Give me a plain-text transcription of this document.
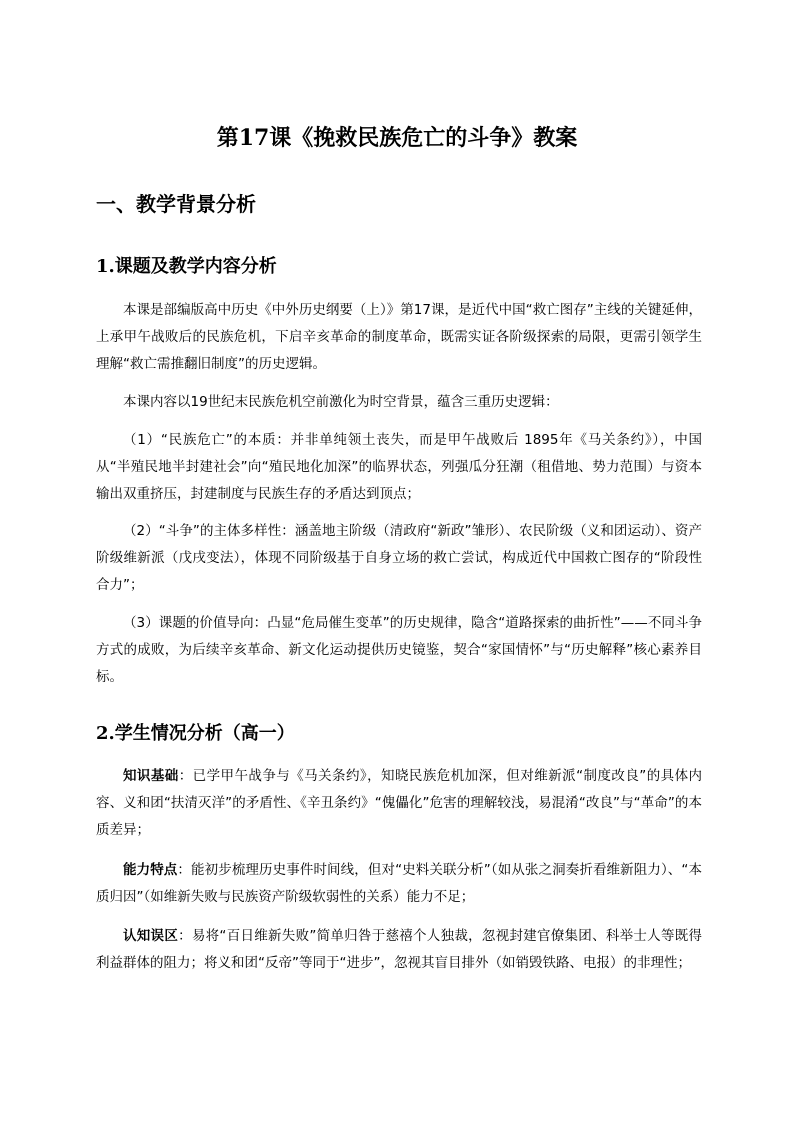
第17课《挽救民族危亡的斗争》教案
一、教学背景分析
1.课题及教学内容分析

本课是部编版高中历史《中外历史纲要（上）》第17课，是近代中国“救亡图存”主线的关键延伸，上承甲午战败后的民族危机，下启辛亥革命的制度革命，既需实证各阶级探索的局限，更需引领学生理解“救亡需推翻旧制度”的历史逻辑。

本课内容以19世纪末民族危机空前激化为时空背景，蕴含三重历史逻辑：

（1）“民族危亡”的本质：并非单纯领土丧失，而是甲午战败后 1895年《马关条约》），中国从“半殖民地半封建社会”向“殖民地化加深”的临界状态，列强瓜分狂潮（租借地、势力范围）与资本输出双重挤压，封建制度与民族生存的矛盾达到顶点；

（2）“斗争”的主体多样性：涵盖地主阶级（清政府“新政”雏形）、农民阶级（义和团运动）、资产阶级维新派（戊戌变法），体现不同阶级基于自身立场的救亡尝试，构成近代中国救亡图存的“阶段性合力”；

（3）课题的价值导向：凸显“危局催生变革”的历史规律，隐含“道路探索的曲折性”——不同斗争方式的成败，为后续辛亥革命、新文化运动提供历史镜鉴，契合“家国情怀”与“历史解释”核心素养目标。

2.学生情况分析（高一）

知识基础：已学甲午战争与《马关条约》，知晓民族危机加深，但对维新派“制度改良”的具体内容、义和团“扶清灭洋”的矛盾性、《辛丑条约》“傀儡化”危害的理解较浅，易混淆“改良”与“革命”的本质差异；

能力特点：能初步梳理历史事件时间线，但对“史料关联分析”（如从张之洞奏折看维新阻力）、“本质归因”（如维新失败与民族资产阶级软弱性的关系）能力不足；

认知误区：易将“百日维新失败”简单归咎于慈禧个人独裁，忽视封建官僚集团、科举士人等既得利益群体的阻力；将义和团“反帝”等同于“进步”，忽视其盲目排外（如销毁铁路、电报）的非理性；
